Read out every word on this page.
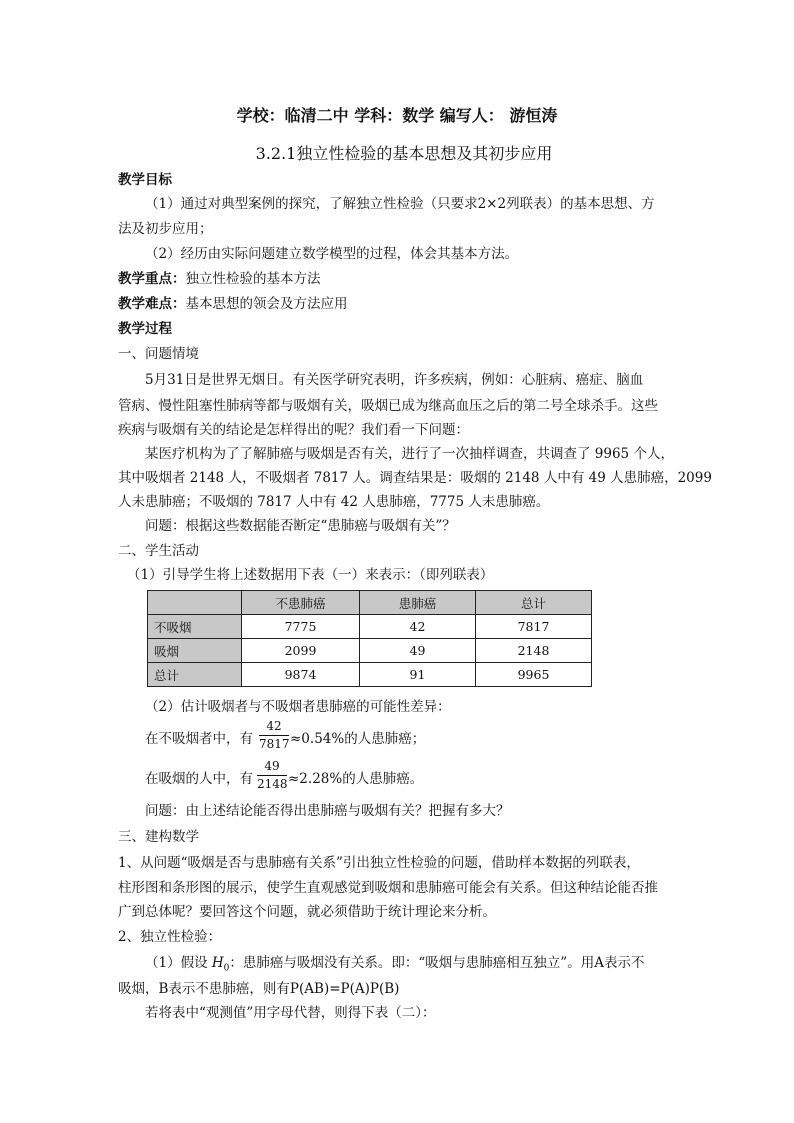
学校：临清二中 学科：数学 编写人： 游恒涛
3.2.1独立性检验的基本思想及其初步应用
教学目标
（1）通过对典型案例的探究，了解独立性检验（只要求2×2列联表）的基本思想、方
法及初步应用；
（2）经历由实际问题建立数学模型的过程，体会其基本方法。
教学重点：独立性检验的基本方法
教学难点：基本思想的领会及方法应用
教学过程
一、问题情境
5月31日是世界无烟日。有关医学研究表明，许多疾病，例如：心脏病、癌症、脑血
管病、慢性阻塞性肺病等都与吸烟有关，吸烟已成为继高血压之后的第二号全球杀手。这些
疾病与吸烟有关的结论是怎样得出的呢？我们看一下问题：
某医疗机构为了了解肺癌与吸烟是否有关，进行了一次抽样调查，共调查了 9965 个人，
其中吸烟者 2148 人，不吸烟者 7817 人。调查结果是：吸烟的 2148 人中有 49 人患肺癌，2099
人未患肺癌；不吸烟的 7817 人中有 42 人患肺癌，7775 人未患肺癌。
问题：根据这些数据能否断定“患肺癌与吸烟有关”？
二、学生活动
（1）引导学生将上述数据用下表（一）来表示：（即列联表）
	不患肺癌	患肺癌	总计
不吸烟	7775	42	7817
吸烟	2099	49	2148
总计	9874	91	9965
（2）估计吸烟者与不吸烟者患肺癌的可能性差异：
在不吸烟者中，有
42
7817 ≈0.54%的人患肺癌；
在吸烟的人中，有
49
2148 ≈2.28%的人患肺癌。
问题：由上述结论能否得出患肺癌与吸烟有关？把握有多大？
三、建构数学
1、从问题“吸烟是否与患肺癌有关系”引出独立性检验的问题，借助样本数据的列联表，
柱形图和条形图的展示，使学生直观感觉到吸烟和患肺癌可能会有关系。但这种结论能否推
广到总体呢？要回答这个问题，就必须借助于统计理论来分析。
2、独立性检验：
（1）假设 $H_0$：患肺癌与吸烟没有关系。即：“吸烟与患肺癌相互独立”。用A表示不
吸烟，B表示不患肺癌，则有P(AB)=P(A)P(B)
若将表中“观测值”用字母代替，则得下表（二）：
